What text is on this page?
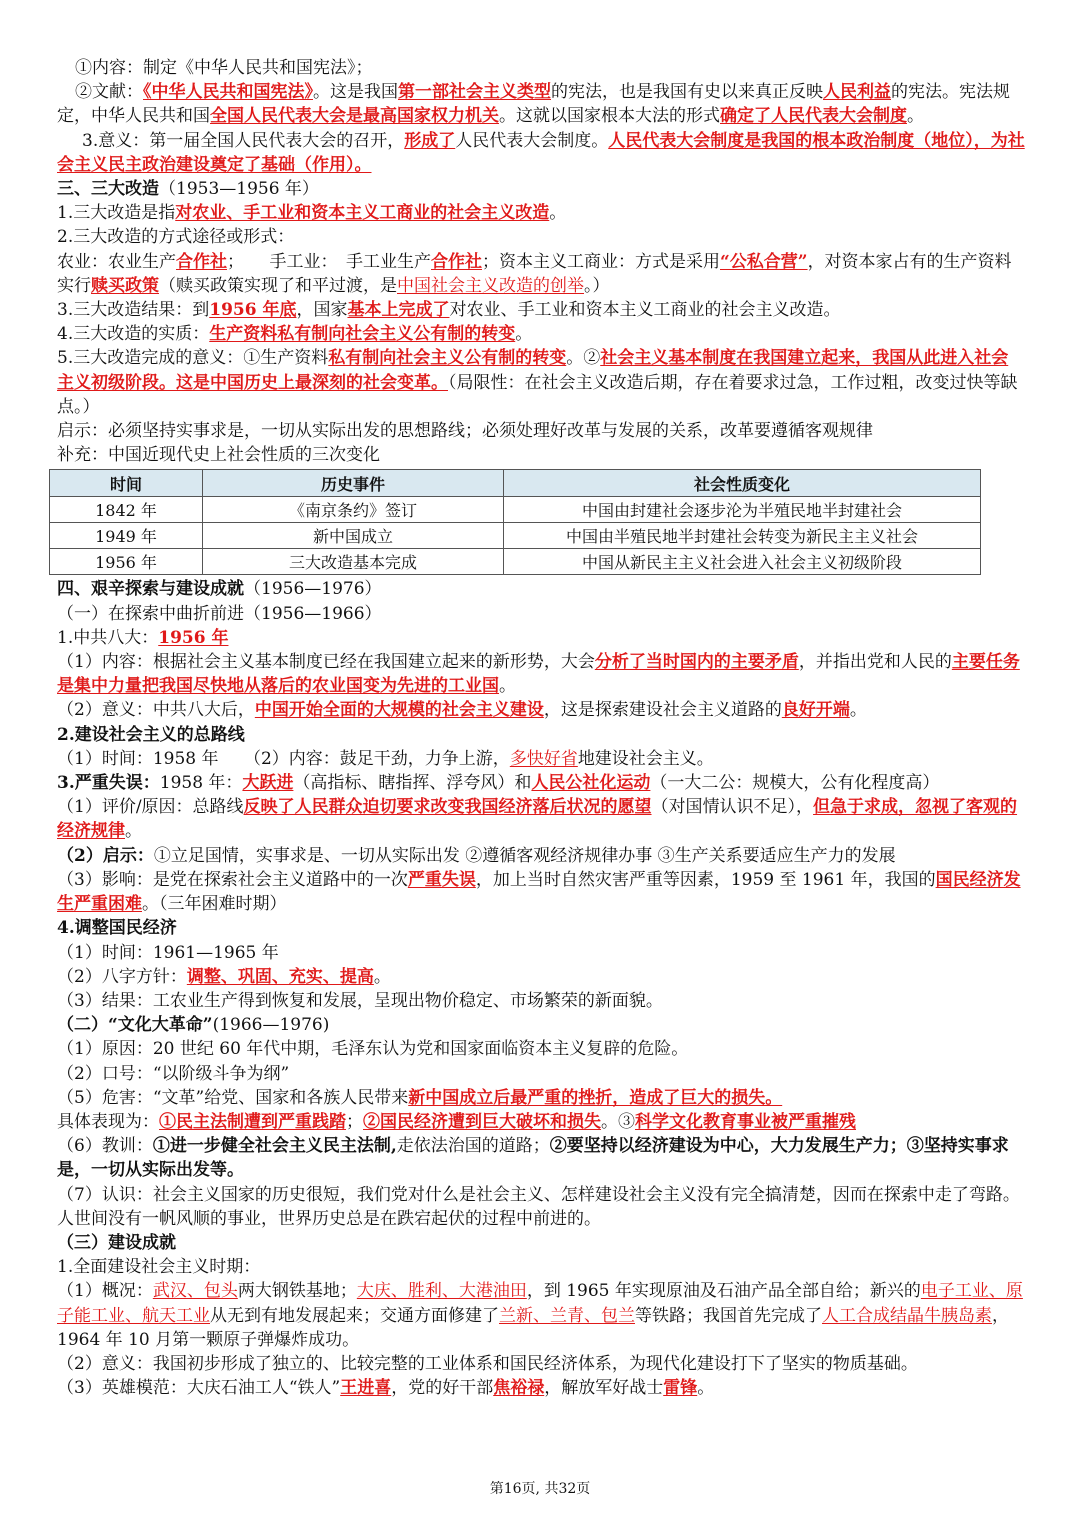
①内容：制定《中华人民共和国宪法》；
②文献：《中华人民共和国宪法》。这是我国第一部社会主义类型的宪法，也是我国有史以来真正反映人民利益的宪法。宪法规定，中华人民共和国全国人民代表大会是最高国家权力机关。这就以国家根本大法的形式确定了人民代表大会制度。
3.意义：第一届全国人民代表大会的召开，形成了人民代表大会制度。人民代表大会制度是我国的根本政治制度（地位），为社会主义民主政治建设奠定了基础（作用）。
三、三大改造（1953—1956 年）
1.三大改造是指对农业、手工业和资本主义工商业的社会主义改造。
2.三大改造的方式途径或形式：
农业：农业生产合作社；　　手工业：　手工业生产合作社；资本主义工商业：方式是采用“公私合营”，对资本家占有的生产资料实行赎买政策（赎买政策实现了和平过渡，是中国社会主义改造的创举。）
3.三大改造结果：到1956 年底，国家基本上完成了对农业、手工业和资本主义工商业的社会主义改造。
4.三大改造的实质：生产资料私有制向社会主义公有制的转变。
5.三大改造完成的意义：①生产资料私有制向社会主义公有制的转变。②社会主义基本制度在我国建立起来，我国从此进入社会主义初级阶段。这是中国历史上最深刻的社会变革。（局限性：在社会主义改造后期，存在着要求过急，工作过粗，改变过快等缺点。）
启示：必须坚持实事求是，一切从实际出发的思想路线；必须处理好改革与发展的关系，改革要遵循客观规律
补充：中国近现代史上社会性质的三次变化
时间	历史事件	社会性质变化
1842 年	《南京条约》签订	中国由封建社会逐步沦为半殖民地半封建社会
1949 年	新中国成立	中国由半殖民地半封建社会转变为新民主主义社会
1956 年	三大改造基本完成	中国从新民主主义社会进入社会主义初级阶段
四、艰辛探索与建设成就（1956—1976）
（一）在探索中曲折前进（1956—1966）
1.中共八大：1956 年
（1）内容：根据社会主义基本制度已经在我国建立起来的新形势，大会分析了当时国内的主要矛盾，并指出党和人民的主要任务是集中力量把我国尽快地从落后的农业国变为先进的工业国。
（2）意义：中共八大后，中国开始全面的大规模的社会主义建设，这是探索建设社会主义道路的良好开端。
2.建设社会主义的总路线
（1）时间：1958 年　　（2）内容：鼓足干劲，力争上游，多快好省地建设社会主义。
3.严重失误：1958 年：大跃进（高指标、瞎指挥、浮夸风）和人民公社化运动（一大二公：规模大，公有化程度高）
（1）评价/原因：总路线反映了人民群众迫切要求改变我国经济落后状况的愿望（对国情认识不足），但急于求成，忽视了客观的经济规律。
（2）启示：①立足国情，实事求是、一切从实际出发 ②遵循客观经济规律办事 ③生产关系要适应生产力的发展
（3）影响：是党在探索社会主义道路中的一次严重失误，加上当时自然灾害严重等因素，1959 至 1961 年，我国的国民经济发生严重困难。（三年困难时期）
4.调整国民经济
（1）时间：1961—1965 年
（2）八字方针：调整、巩固、充实、提高。
（3）结果：工农业生产得到恢复和发展，呈现出物价稳定、市场繁荣的新面貌。
（二）“文化大革命”(1966—1976)
（1）原因：20 世纪 60 年代中期，毛泽东认为党和国家面临资本主义复辟的危险。
（2）口号：“以阶级斗争为纲”
（5）危害：“文革”给党、国家和各族人民带来新中国成立后最严重的挫折，造成了巨大的损失。
具体表现为：①民主法制遭到严重践踏；②国民经济遭到巨大破坏和损失。③科学文化教育事业被严重摧残
（6）教训：①进一步健全社会主义民主法制,走依法治国的道路；②要坚持以经济建设为中心，大力发展生产力；③坚持实事求是，一切从实际出发等。
（7）认识：社会主义国家的历史很短，我们党对什么是社会主义、怎样建设社会主义没有完全搞清楚，因而在探索中走了弯路。人世间没有一帆风顺的事业，世界历史总是在跌宕起伏的过程中前进的。
（三）建设成就
1.全面建设社会主义时期：
（1）概况：武汉、包头两大钢铁基地；大庆、胜利、大港油田，到 1965 年实现原油及石油产品全部自给；新兴的电子工业、原子能工业、航天工业从无到有地发展起来；交通方面修建了兰新、兰青、包兰等铁路；我国首先完成了人工合成结晶牛胰岛素，1964 年 10 月第一颗原子弹爆炸成功。
（2）意义：我国初步形成了独立的、比较完整的工业体系和国民经济体系，为现代化建设打下了坚实的物质基础。
（3）英雄模范：大庆石油工人“铁人”王进喜，党的好干部焦裕禄，解放军好战士雷锋。
第16页, 共32页
